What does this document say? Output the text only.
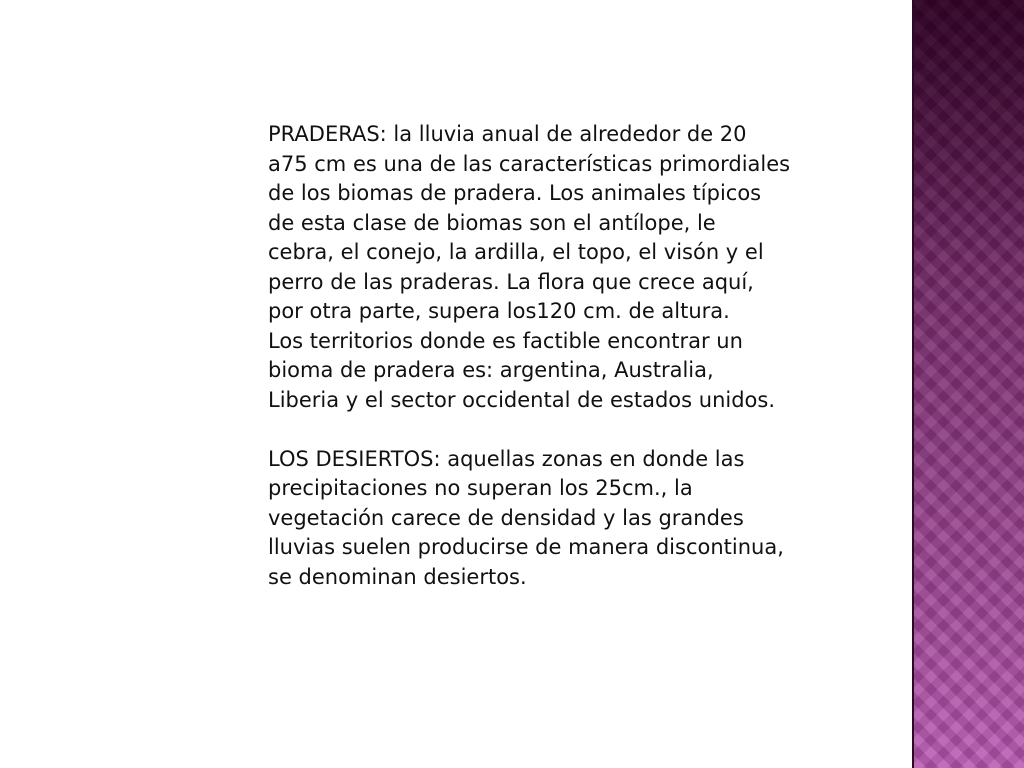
PRADERAS: la lluvia anual de alrededor de 20
a75 cm es una de las características primordiales
de los biomas de pradera. Los animales típicos
de esta clase de biomas son el antílope, le
cebra, el conejo, la ardilla, el topo, el visón y el
perro de las praderas. La flora que crece aquí,
por otra parte, supera los120 cm. de altura.
Los territorios donde es factible encontrar un
bioma de pradera es: argentina, Australia,
Liberia y el sector occidental de estados unidos.

LOS DESIERTOS: aquellas zonas en donde las
precipitaciones no superan los 25cm., la
vegetación carece de densidad y las grandes
lluvias suelen producirse de manera discontinua,
se denominan desiertos.
